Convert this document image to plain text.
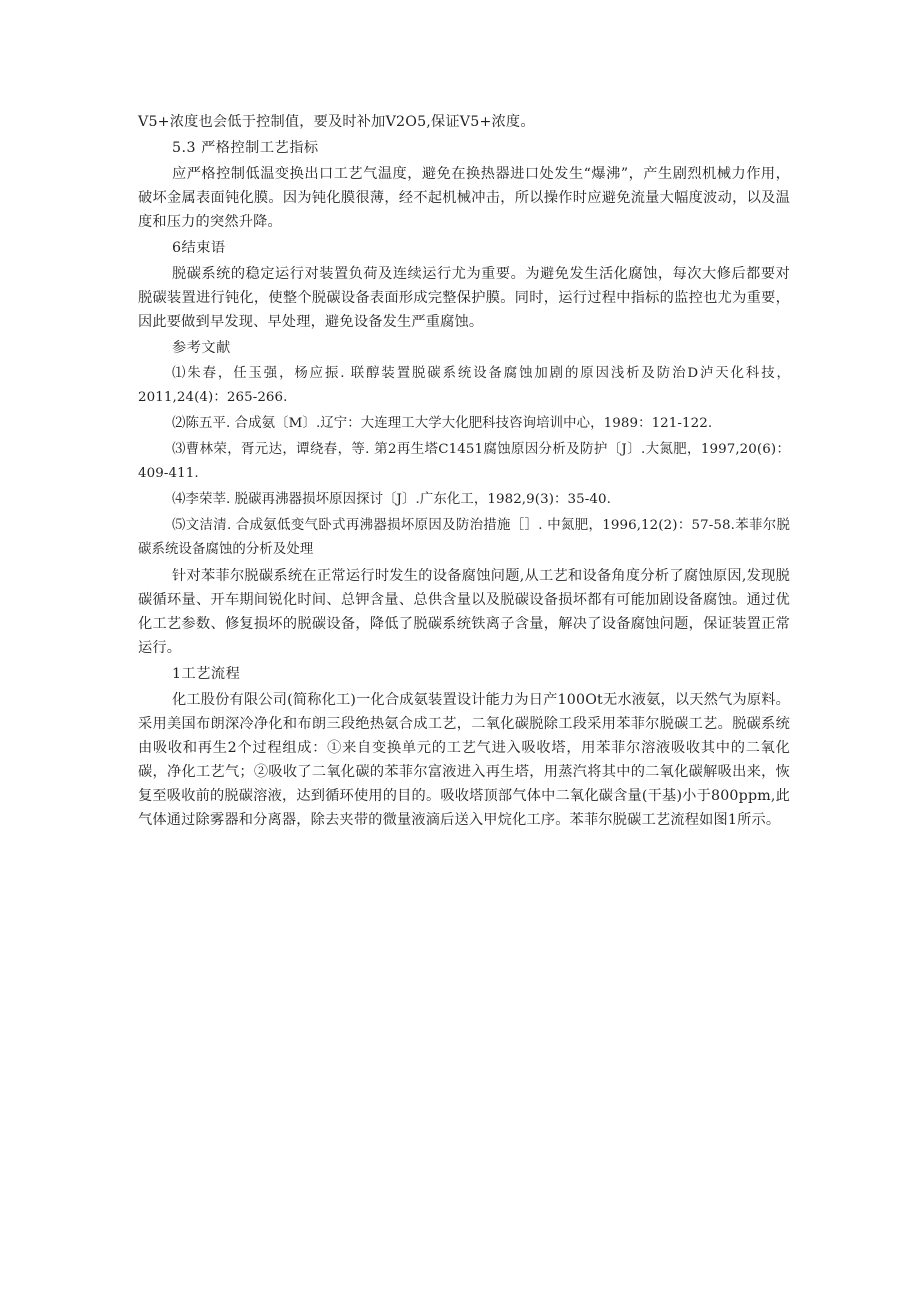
V5+浓度也会低于控制值，要及时补加V2O5,保证V5+浓度。

5.3 严格控制工艺指标

应严格控制低温变换出口工艺气温度，避免在换热器进口处发生“爆沸”，产生剧烈机械力作用，破坏金属表面钝化膜。因为钝化膜很薄，经不起机械冲击，所以操作时应避免流量大幅度波动，以及温度和压力的突然升降。

6结束语

脱碳系统的稳定运行对装置负荷及连续运行尤为重要。为避免发生活化腐蚀，每次大修后都要对脱碳装置进行钝化，使整个脱碳设备表面形成完整保护膜。同时，运行过程中指标的监控也尤为重要，因此要做到早发现、早处理，避免设备发生严重腐蚀。

参考文献

⑴朱春，任玉强，杨应振. 联醇装置脱碳系统设备腐蚀加剧的原因浅析及防治D泸天化科技，2011,24(4)：265-266.

⑵陈五平. 合成氨〔M〕.辽宁：大连理工大学大化肥科技咨询培训中心，1989：121-122.

⑶曹林荣，胥元达，谭绕春，等. 第2再生塔C1451腐蚀原因分析及防护〔J〕.大氮肥，1997,20(6)：409-411.

⑷李荣莘. 脱碳再沸器损坏原因探讨〔J〕.广东化工，1982,9(3)：35-40.

⑸文洁清. 合成氨低变气卧式再沸器损坏原因及防治措施［］. 中氮肥，1996,12(2)：57-58.苯菲尔脱碳系统设备腐蚀的分析及处理

针对苯菲尔脱碳系统在正常运行时发生的设备腐蚀问题,从工艺和设备角度分析了腐蚀原因,发现脱碳循环量、开车期间锐化时间、总钾含量、总供含量以及脱碳设备损坏都有可能加剧设备腐蚀。通过优化工艺参数、修复损坏的脱碳设备，降低了脱碳系统铁离子含量，解决了设备腐蚀问题，保证装置正常运行。

1工艺流程

化工股份有限公司(简称化工)一化合成氨装置设计能力为日产100Ot无水液氨，以天然气为原料。采用美国布朗深冷净化和布朗三段绝热氨合成工艺，二氧化碳脱除工段采用苯菲尔脱碳工艺。脱碳系统由吸收和再生2个过程组成：①来自变换单元的工艺气进入吸收塔，用苯菲尔溶液吸收其中的二氧化碳，净化工艺气；②吸收了二氧化碳的苯菲尔富液进入再生塔，用蒸汽将其中的二氧化碳解吸出来，恢复至吸收前的脱碳溶液，达到循环使用的目的。吸收塔顶部气体中二氧化碳含量(干基)小于800ppm,此气体通过除雾器和分离器，除去夹带的微量液滴后送入甲烷化工序。苯菲尔脱碳工艺流程如图1所示。
